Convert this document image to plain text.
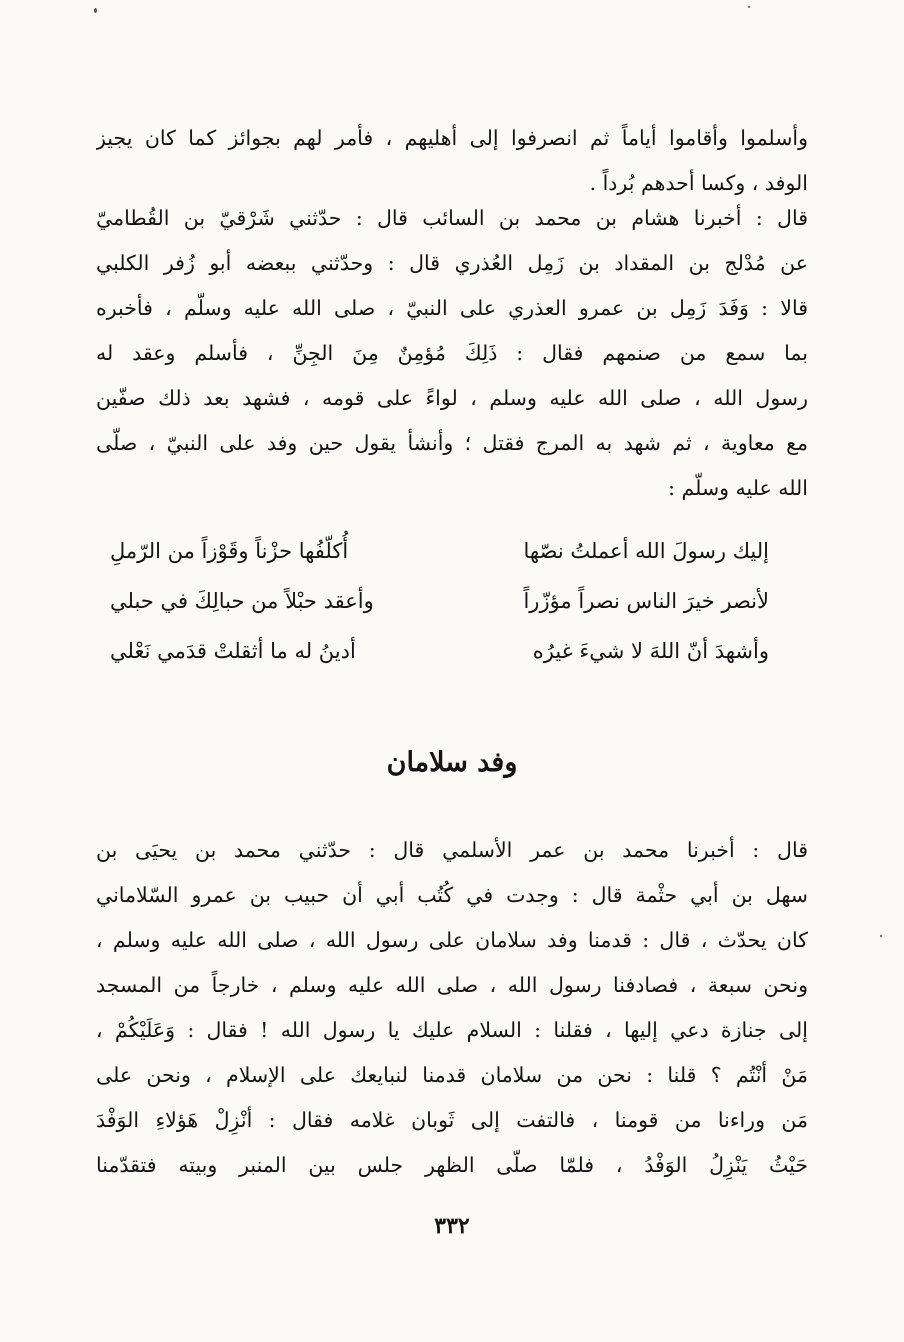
وأسلموا وأقاموا أياماً ثم انصرفوا إلى أهليهم ، فأمر لهم بجوائز كما كان يجيز
الوفد ، وكسا أحدهم بُرداً .
قال : أخبرنا هشام بن محمد بن السائب قال : حدّثني شَرْقيّ بن القُطاميّ
عن مُدْلج بن المقداد بن زَمِل العُذري قال : وحدّثني ببعضه أبو زُفر الكلبي
قالا : وَفَدَ زَمِل بن عمرو العذري على النبيّ ، صلى الله عليه وسلّم ، فأخبره
بما سمع من صنمهم فقال : ذَلِكَ مُؤمِنٌ مِنَ الجِنِّ ، فأسلم وعقد له
رسول الله ، صلى الله عليه وسلم ، لواءً على قومه ، فشهد بعد ذلك صفّين
مع معاوية ، ثم شهد به المرج فقتل ؛ وأنشأ يقول حين وفد على النبيّ ، صلّى
الله عليه وسلّم :
إليك رسولَ الله أعملتُ نصّها
أُكلّفُها حزْناً وقَوْزاً من الرّملِ
لأنصر خيرَ الناس نصراً مؤزّراً
وأعقد حبْلاً من حبالِكَ في حبلي
وأشهدَ أنّ اللهَ لا شيءَ غيرُه
أدينُ له ما أثقلتْ قدَمي نَعْلي
وفد سلامان
قال : أخبرنا محمد بن عمر الأسلمي قال : حدّثني محمد بن يحيَى بن
سهل بن أبي حثْمة قال : وجدت في كُتُب أبي أن حبيب بن عمرو السّلاماني
كان يحدّث ، قال : قدمنا وفد سلامان على رسول الله ، صلى الله عليه وسلم ،
ونحن سبعة ، فصادفنا رسول الله ، صلى الله عليه وسلم ، خارجاً من المسجد
إلى جنازة دعي إليها ، فقلنا : السلام عليك يا رسول الله ! فقال : وَعَلَيْكُمْ ،
مَنْ أنْتُم ؟ قلنا : نحن من سلامان قدمنا لنبايعك على الإسلام ، ونحن على
مَن وراءنا من قومنا ، فالتفت إلى ثَوبان غلامه فقال : أنْزِلْ هَؤلاءِ الوَفْدَ
حَيْثُ يَنْزِلُ الوَفْدُ ، فلمّا صلّى الظهر جلس بين المنبر وبيته فتقدّمنا
٣٣٢
